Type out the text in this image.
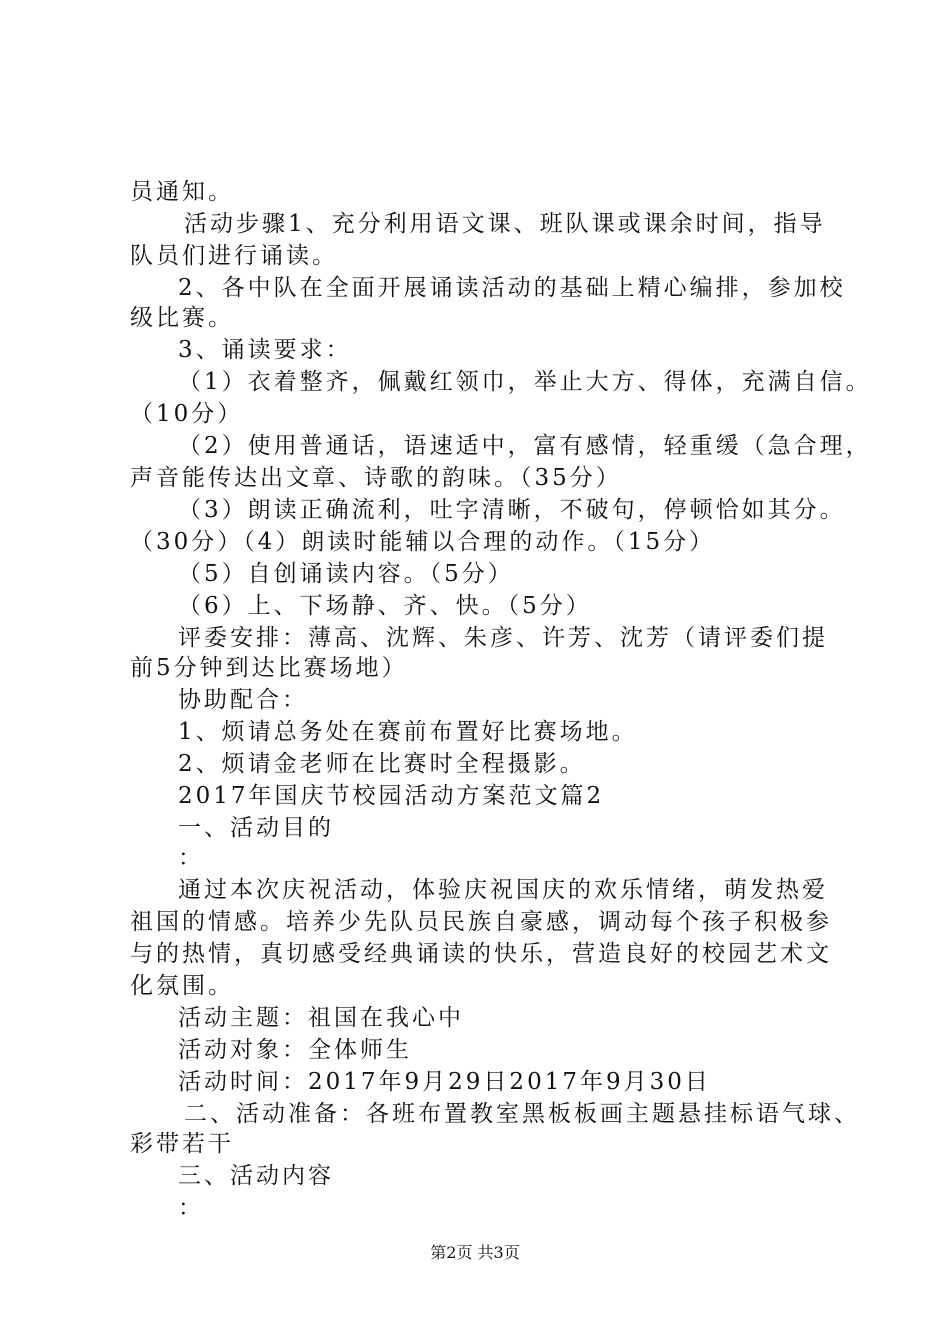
员通知。
活动步骤1、充分利用语文课、班队课或课余时间，指导
队员们进行诵读。
2、各中队在全面开展诵读活动的基础上精心编排，参加校
级比赛。
3、诵读要求：
（1）衣着整齐，佩戴红领巾，举止大方、得体，充满自信。
（10分）
（2）使用普通话，语速适中，富有感情，轻重缓（急合理，
声音能传达出文章、诗歌的韵味。（35分）
（3）朗读正确流利，吐字清晰，不破句，停顿恰如其分。
（30分）（4）朗读时能辅以合理的动作。（15分）
（5）自创诵读内容。（5分）
（6）上、下场静、齐、快。（5分）
评委安排：薄高、沈辉、朱彦、许芳、沈芳（请评委们提
前5分钟到达比赛场地）
协助配合：
1、烦请总务处在赛前布置好比赛场地。
2、烦请金老师在比赛时全程摄影。
2017年国庆节校园活动方案范文篇2
一、活动目的
：
通过本次庆祝活动，体验庆祝国庆的欢乐情绪，萌发热爱
祖国的情感。培养少先队员民族自豪感，调动每个孩子积极参
与的热情，真切感受经典诵读的快乐，营造良好的校园艺术文
化氛围。
活动主题：祖国在我心中
活动对象：全体师生
活动时间：2017年9月29日2017年9月30日
二、活动准备：各班布置教室黑板板画主题悬挂标语气球、
彩带若干
三、活动内容
：
第2页 共3页
